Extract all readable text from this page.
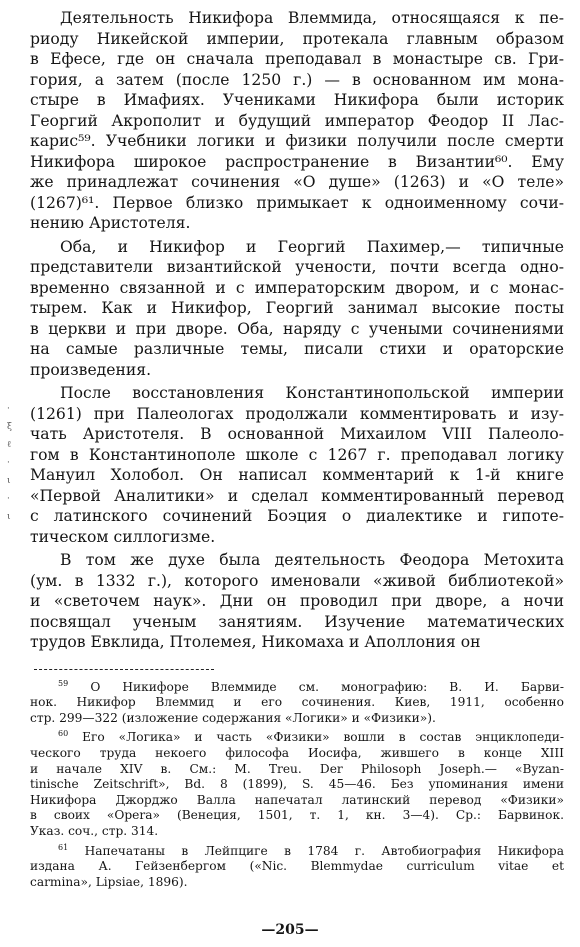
Деятельность Никифора Влеммида, относящаяся к пе-
риоду Никейской империи, протекала главным образом
в Ефесе, где он сначала преподавал в монастыре св. Гри-
гория, а затем (после 1250 г.) — в основанном им мона-
стыре в Имафиях. Учениками Никифора были историк
Георгий Акрополит и будущий император Феодор II Лас-
карис⁵⁹. Учебники логики и физики получили после смерти
Никифора широкое распространение в Византии⁶⁰. Ему
же принадлежат сочинения «О душе» (1263) и «О теле»
(1267)⁶¹. Первое близко примыкает к одноименному сочи-
нению Аристотеля.

Оба, и Никифор и Георгий Пахимер,— типичные
представители византийской учености, почти всегда одно-
временно связанной и с императорским двором, и с монас-
тырем. Как и Никифор, Георгий занимал высокие посты
в церкви и при дворе. Оба, наряду с учеными сочинениями
на самые различные темы, писали стихи и ораторские
произведения.

После восстановления Константинопольской империи
(1261) при Палеологах продолжали комментировать и изу-
чать Аристотеля. В основанной Михаилом VIII Палеоло-
гом в Константинополе школе с 1267 г. преподавал логику
Мануил Холобол. Он написал комментарий к 1-й книге
«Первой Аналитики» и сделал комментированный перевод
с латинского сочинений Боэция о диалектике и гипоте-
тическом силлогизме.

В том же духе была деятельность Феодора Метохита
(ум. в 1332 г.), которого именовали «живой библиотекой»
и «светочем наук». Дни он проводил при дворе, а ночи
посвящал ученым занятиям. Изучение математических
трудов Евклида, Птолемея, Никомаха и Аполлония он

$^{59}$ О Никифоре Влеммиде см. монографию: В. И. Барви-
нок. Никифор Влеммид и его сочинения. Киев, 1911, особенно
стр. 299—322 (изложение содержания «Логики» и «Физики»).

$^{60}$ Его «Логика» и часть «Физики» вошли в состав энциклопеди-
ческого труда некоего философа Иосифа, жившего в конце XIII
и начале XIV в. См.: M. Treu. Der Philosoph Joseph.— «Byzan-
tinische Zeitschrift», Bd. 8 (1899), S. 45—46. Без упоминания имени
Никифора Джорджо Валла напечатал латинский перевод «Физики»
в своих «Opera» (Венеция, 1501, т. 1, кн. 3—4). Ср.: Барвинок.
Указ. соч., стр. 314.

$^{61}$ Напечатаны в Лейпциге в 1784 г. Автобиография Никифора
издана А. Гейзенбергом («Nic. Blemmydae curriculum vitae et
carmina», Lipsiae, 1896).

·
ξ
ℓ
·
ι
·
ι
—205—
